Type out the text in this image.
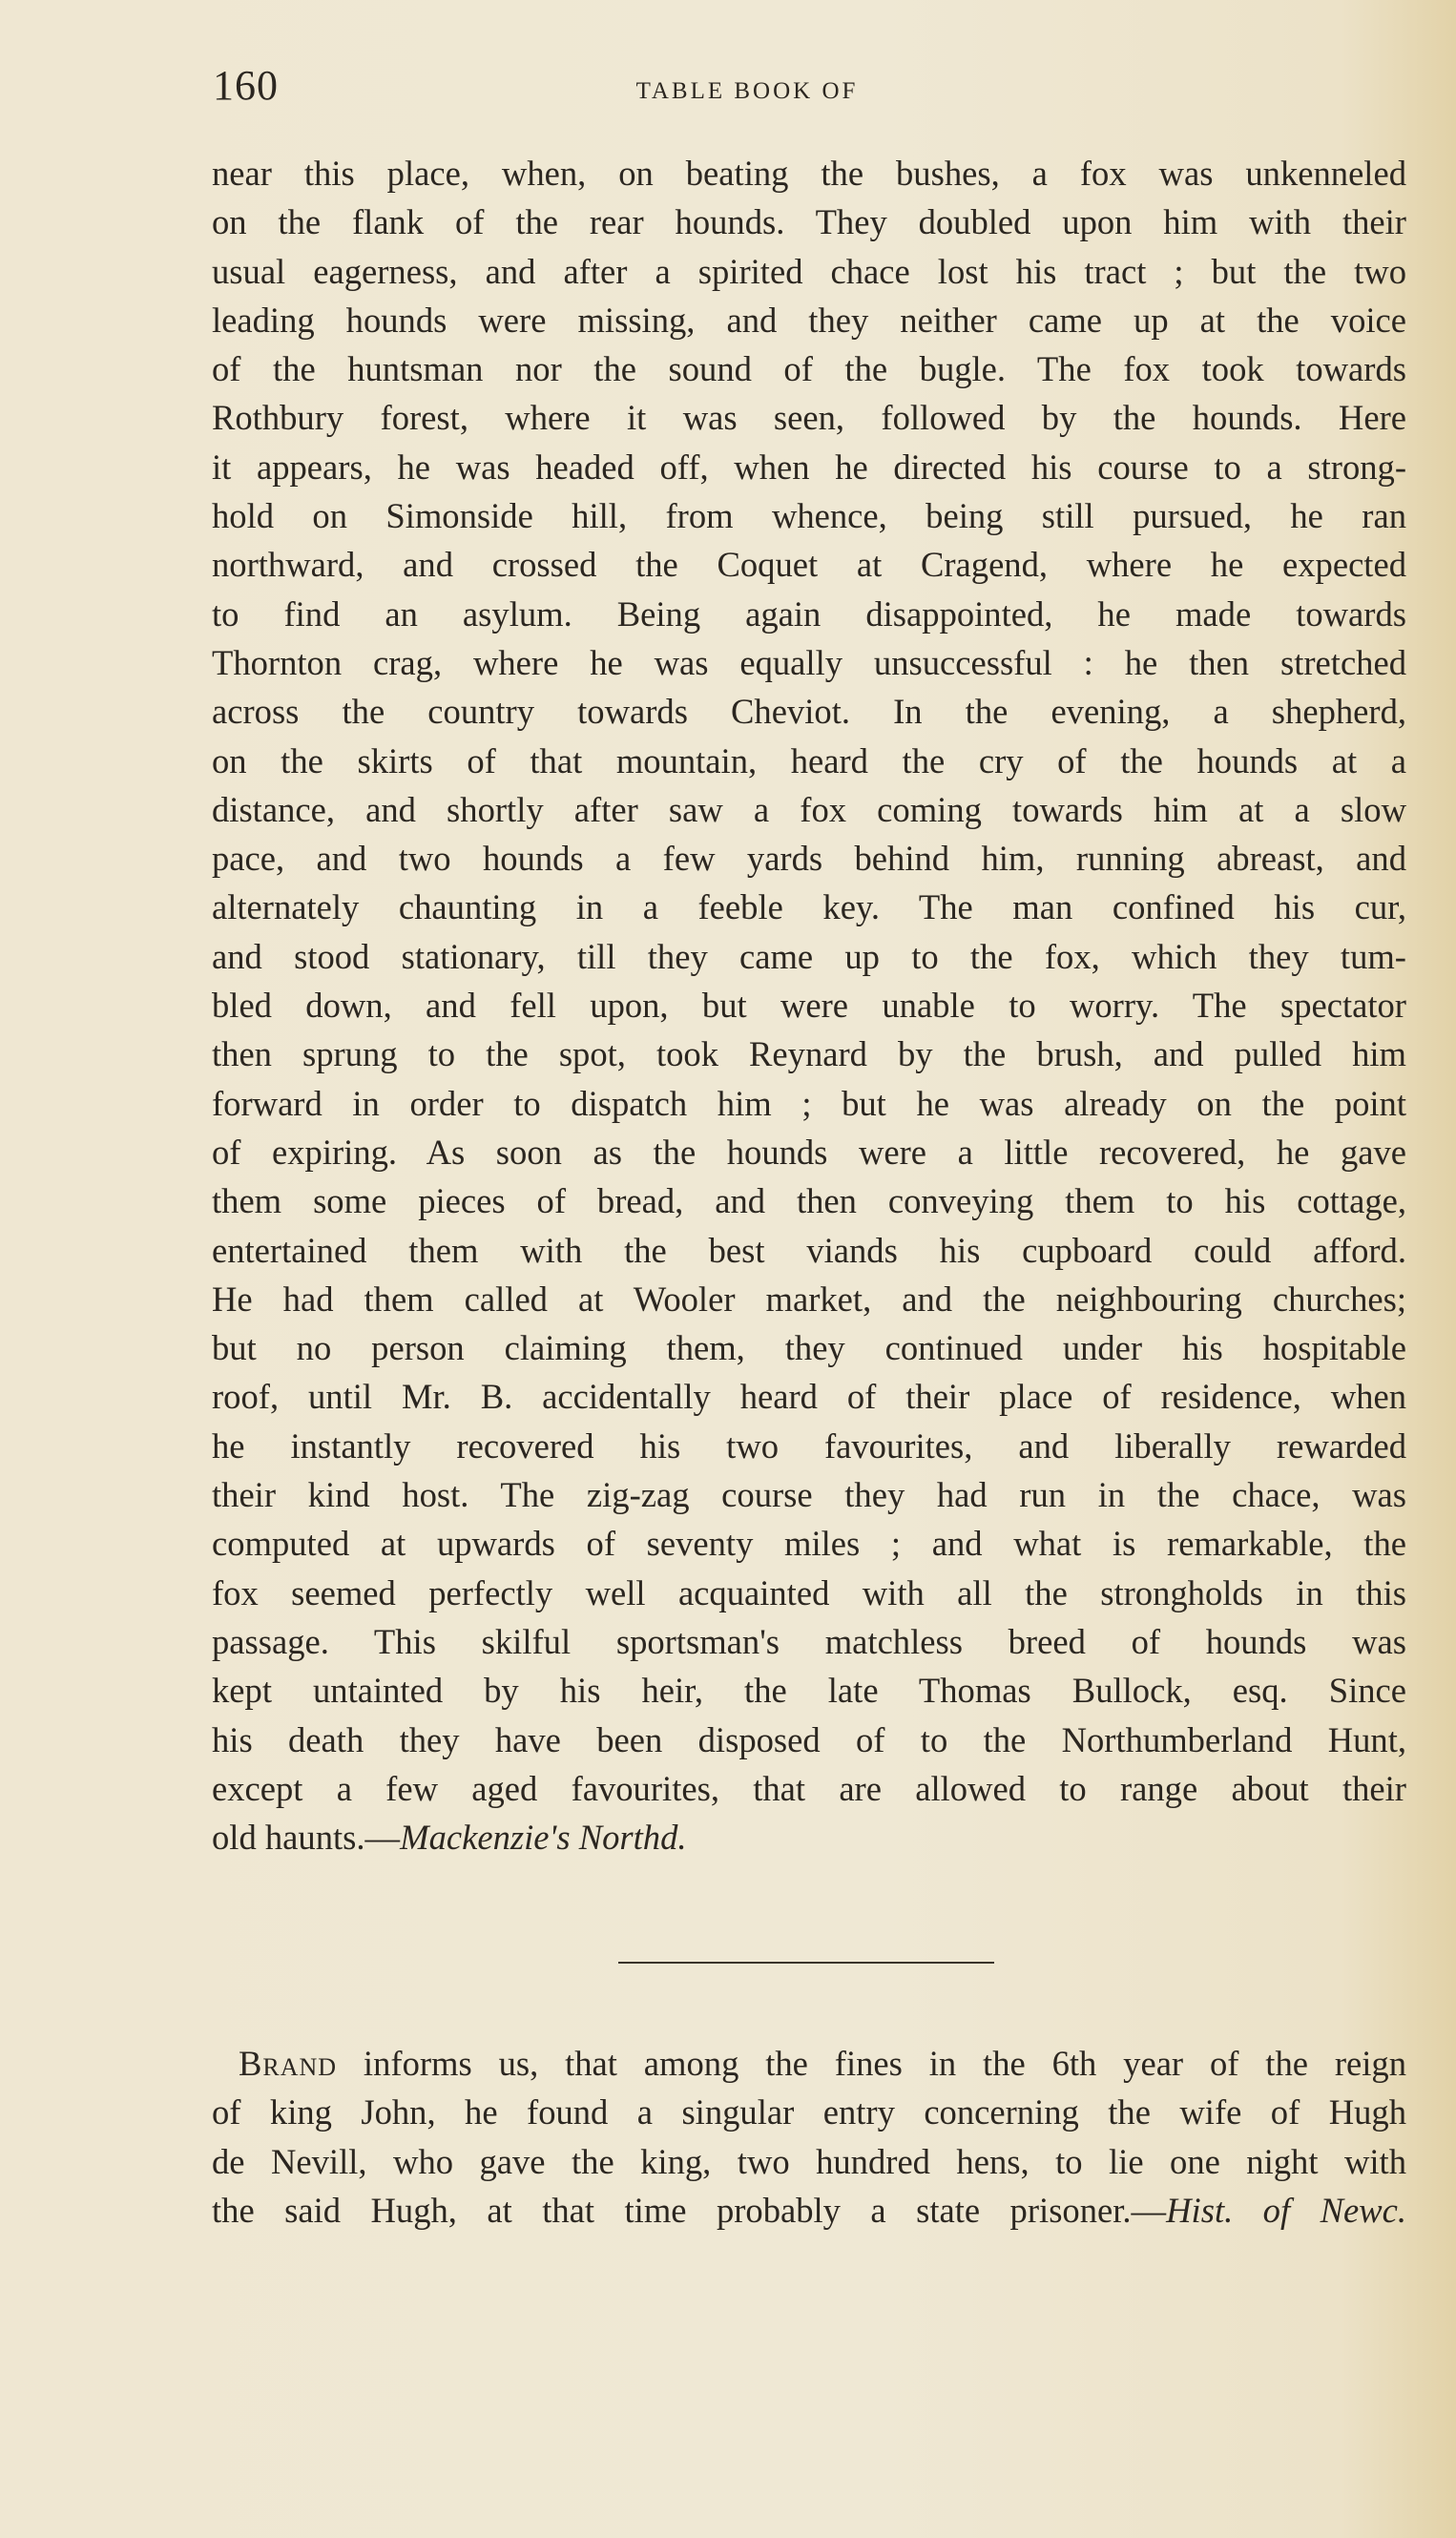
160	TABLE BOOK OF
near this place, when, on beating the bushes, a fox was unkenneled
on the flank of the rear hounds. They doubled upon him with their
usual eagerness, and after a spirited chace lost his tract ; but the two
leading hounds were missing, and they neither came up at the voice
of the huntsman nor the sound of the bugle. The fox took towards
Rothbury forest, where it was seen, followed by the hounds. Here
it appears, he was headed off, when he directed his course to a strong-
hold on Simonside hill, from whence, being still pursued, he ran
northward, and crossed the Coquet at Cragend, where he expected
to find an asylum. Being again disappointed, he made towards
Thornton crag, where he was equally unsuccessful : he then stretched
across the country towards Cheviot. In the evening, a shepherd,
on the skirts of that mountain, heard the cry of the hounds at a
distance, and shortly after saw a fox coming towards him at a slow
pace, and two hounds a few yards behind him, running abreast, and
alternately chaunting in a feeble key. The man confined his cur,
and stood stationary, till they came up to the fox, which they tum-
bled down, and fell upon, but were unable to worry. The spectator
then sprung to the spot, took Reynard by the brush, and pulled him
forward in order to dispatch him ; but he was already on the point
of expiring. As soon as the hounds were a little recovered, he gave
them some pieces of bread, and then conveying them to his cottage,
entertained them with the best viands his cupboard could afford.
He had them called at Wooler market, and the neighbouring churches;
but no person claiming them, they continued under his hospitable
roof, until Mr. B. accidentally heard of their place of residence, when
he instantly recovered his two favourites, and liberally rewarded
their kind host. The zig-zag course they had run in the chace, was
computed at upwards of seventy miles ; and what is remarkable, the
fox seemed perfectly well acquainted with all the strongholds in this
passage. This skilful sportsman's matchless breed of hounds was
kept untainted by his heir, the late Thomas Bullock, esq. Since
his death they have been disposed of to the Northumberland Hunt,
except a few aged favourites, that are allowed to range about their
old haunts.—Mackenzie's Northd.
Brand informs us, that among the fines in the 6th year of the reign
of king John, he found a singular entry concerning the wife of Hugh
de Nevill, who gave the king, two hundred hens, to lie one night with
the said Hugh, at that time probably a state prisoner.—Hist. of Newc.
